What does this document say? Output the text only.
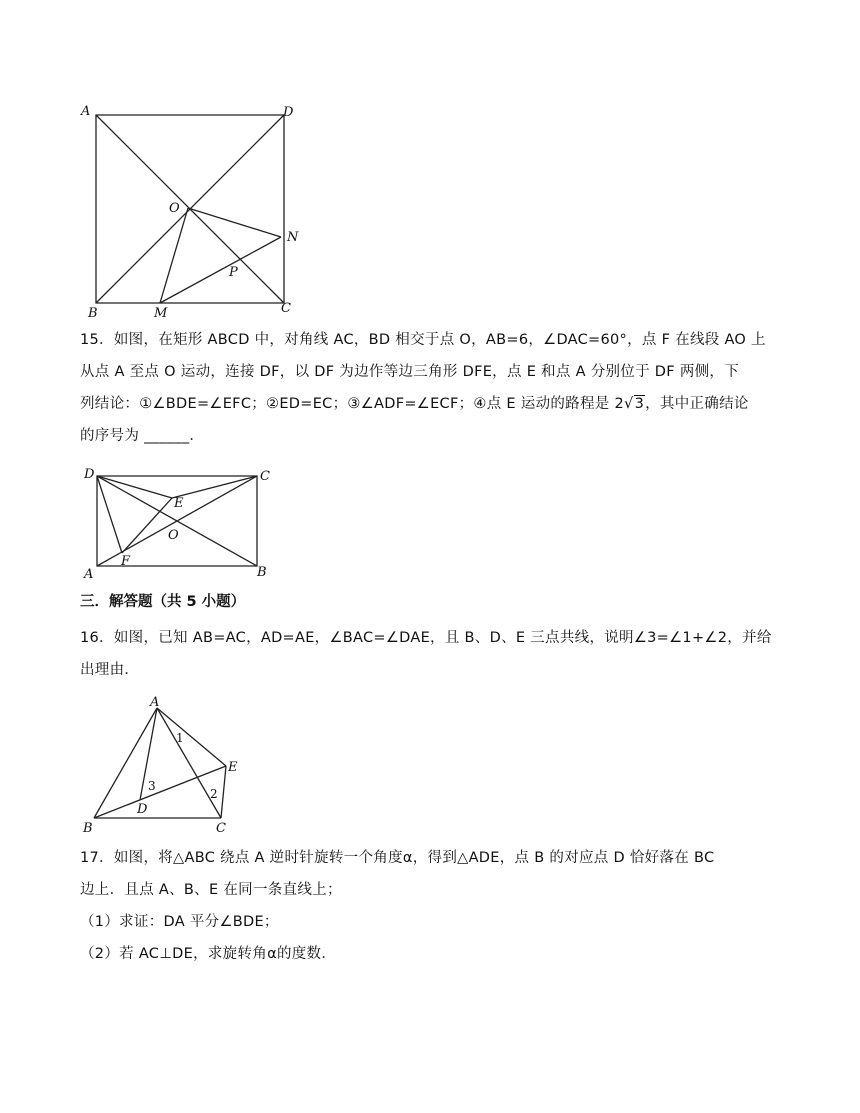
A	D
B	C
O
N
P
M

15．如图，在矩形 ABCD 中，对角线 AC，BD 相交于点 O，AB=6，∠DAC=60°，点 F 在线段 AO 上
从点 A 至点 O 运动，连接 DF，以 DF 为边作等边三角形 DFE，点 E 和点 A 分别位于 DF 两侧，下
列结论：①∠BDE=∠EFC；②ED=EC；③∠ADF=∠ECF；④点 E 运动的路程是 2√3，其中正确结论
的序号为 ______．

D	C
E
O
F
A	B

三．解答题（共 5 小题）

16．如图，已知 AB=AC，AD=AE，∠BAC=∠DAE，且 B、D、E 三点共线，说明∠3=∠1+∠2，并给
出理由．

A
E
B
D
C
1
2
3

17．如图，将△ABC 绕点 A 逆时针旋转一个角度α，得到△ADE，点 B 的对应点 D 恰好落在 BC
边上．且点 A、B、E 在同一条直线上；
（1）求证：DA 平分∠BDE；
（2）若 AC⊥DE，求旋转角α的度数．
